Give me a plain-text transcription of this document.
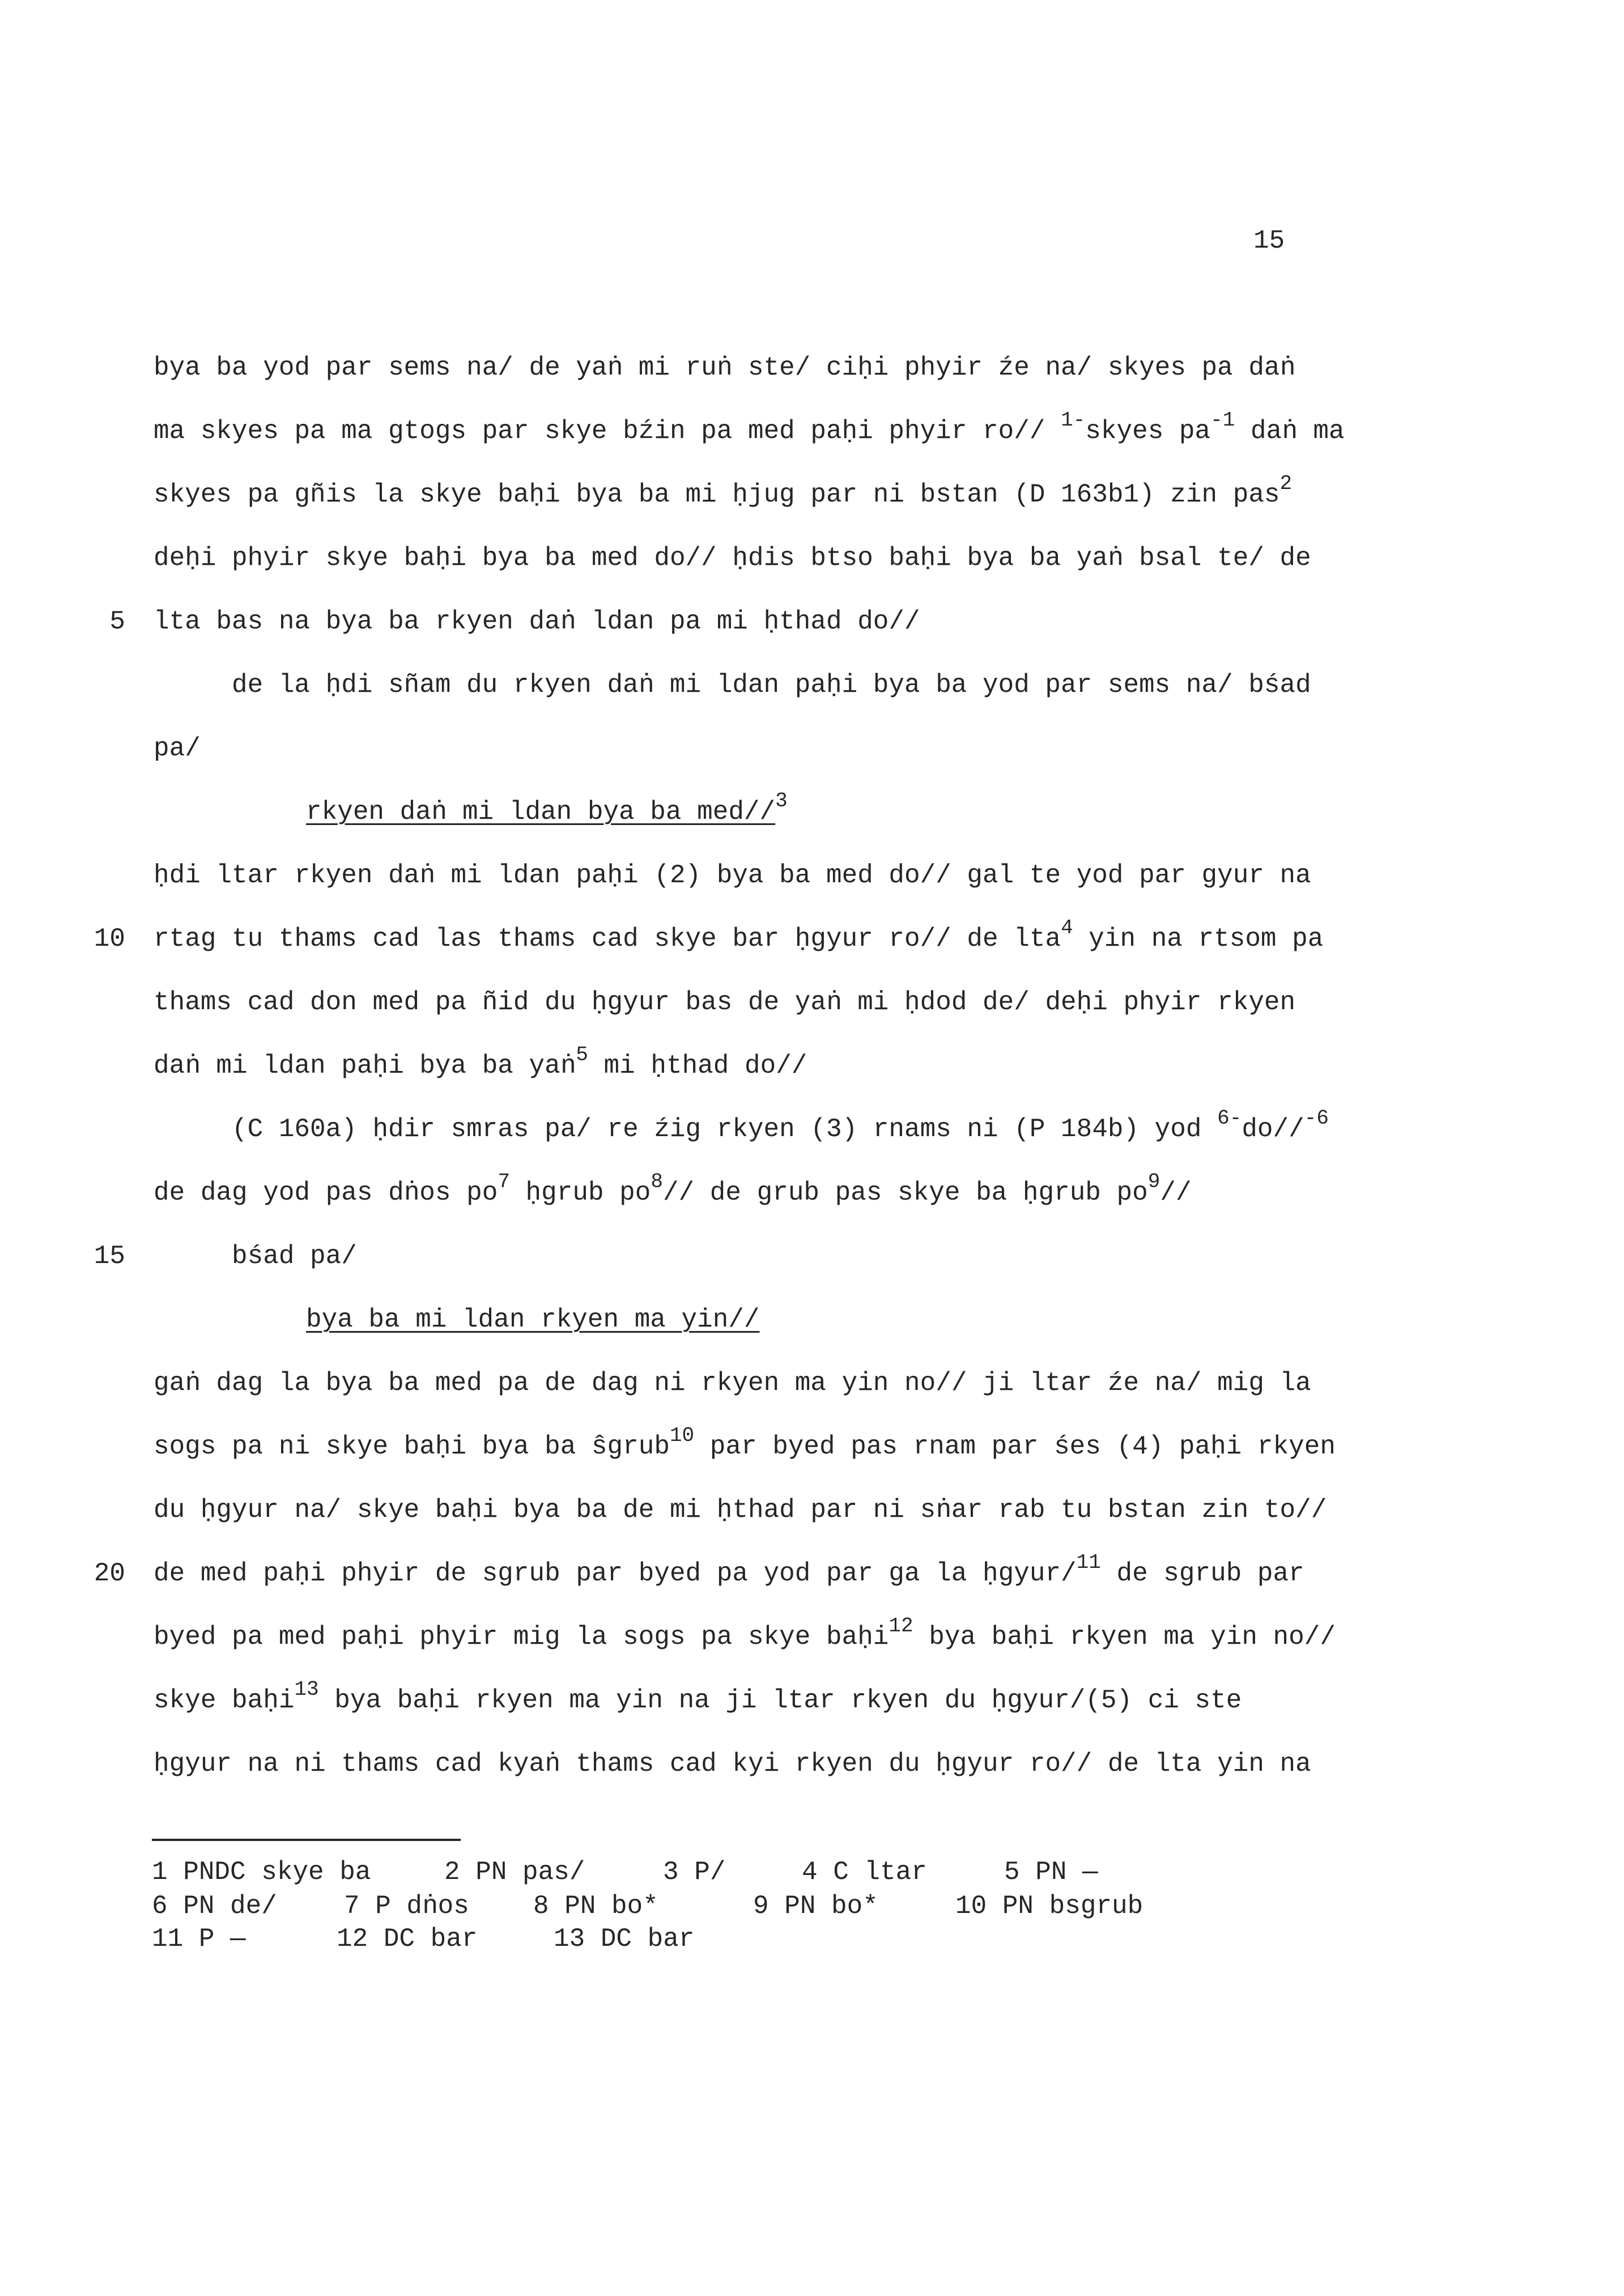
15
bya ba yod par sems na/ de yaṅ mi ruṅ ste/ ciḥi phyir źe na/ skyes pa daṅ
ma skyes pa ma gtogs par skye bźin pa med paḥi phyir ro// $^{1-}$skyes $pa^{-1}$ daṅ ma
skyes pa gñis la skye baḥi bya ba mi ḥjug par ni bstan (D 163b1) zin pas$^2$
deḥi phyir skye baḥi bya ba med do// ḥdis btso baḥi bya ba yaṅ bsal te/ de
5 lta bas na bya ba rkyen daṅ ldan pa mi ḥthad do//
de la ḥdi sñam du rkyen daṅ mi ldan paḥi bya ba yod par sems na/ bśad
pa/
rkyen daṅ mi ldan bya ba med//$^3$
ḥdi ltar rkyen daṅ mi ldan paḥi (2) bya ba med do// gal te yod par gyur na
10 rtag tu thams cad las thams cad skye bar ḥgyur ro// de lta$^4$ yin na rtsom pa
thams cad don med pa ñid du ḥgyur bas de yaṅ mi ḥdod de/ deḥi phyir rkyen
daṅ mi ldan paḥi bya ba yaṅ$^5$ mi ḥthad do//
(C 160a) ḥdir smras pa/ re źig rkyen (3) rnams ni (P 184b) yod $^{6-}$do//$^{-6}$
de dag yod pas dṅos $po^7$ ḥgrub $po^8//$ de grub pas skye ba ḥgrub $po^9//$
15	bśad pa/
bya ba mi ldan rkyen ma yin//
gaṅ dag la bya ba med pa de dag ni rkyen ma yin no// ji ltar źe na/ mig la
sogs pa ni skye baḥi bya ba ŝgrub$^{10}$ par byed pas rnam par śes (4) paḥi rkyen
du ḥgyur na/ skye baḥi bya ba de mi ḥthad par ni sṅar rab tu bstan zin to//
20 de med paḥi phyir de sgrub par byed pa yod par ga la ḥgyur/$^{11}$ de sgrub par
byed pa med paḥi phyir mig la sogs pa skye baḥi$^{12}$ bya baḥi rkyen ma yin no//
skye baḥi$^{13}$ bya baḥi rkyen ma yin na ji ltar rkyen du ḥgyur/(5) ci ste
ḥgyur na ni thams cad kyaṅ thams cad kyi rkyen du ḥgyur ro// de lta yin na
1 PNDC skye ba	2 PN pas/	3 P/	4 C ltar	5 PN —
6 PN de/	7 P dṅos 8 PN bo*	9 PN bo*	10 PN bsgrub
11 P —	12 DC bar	13 DC bar
